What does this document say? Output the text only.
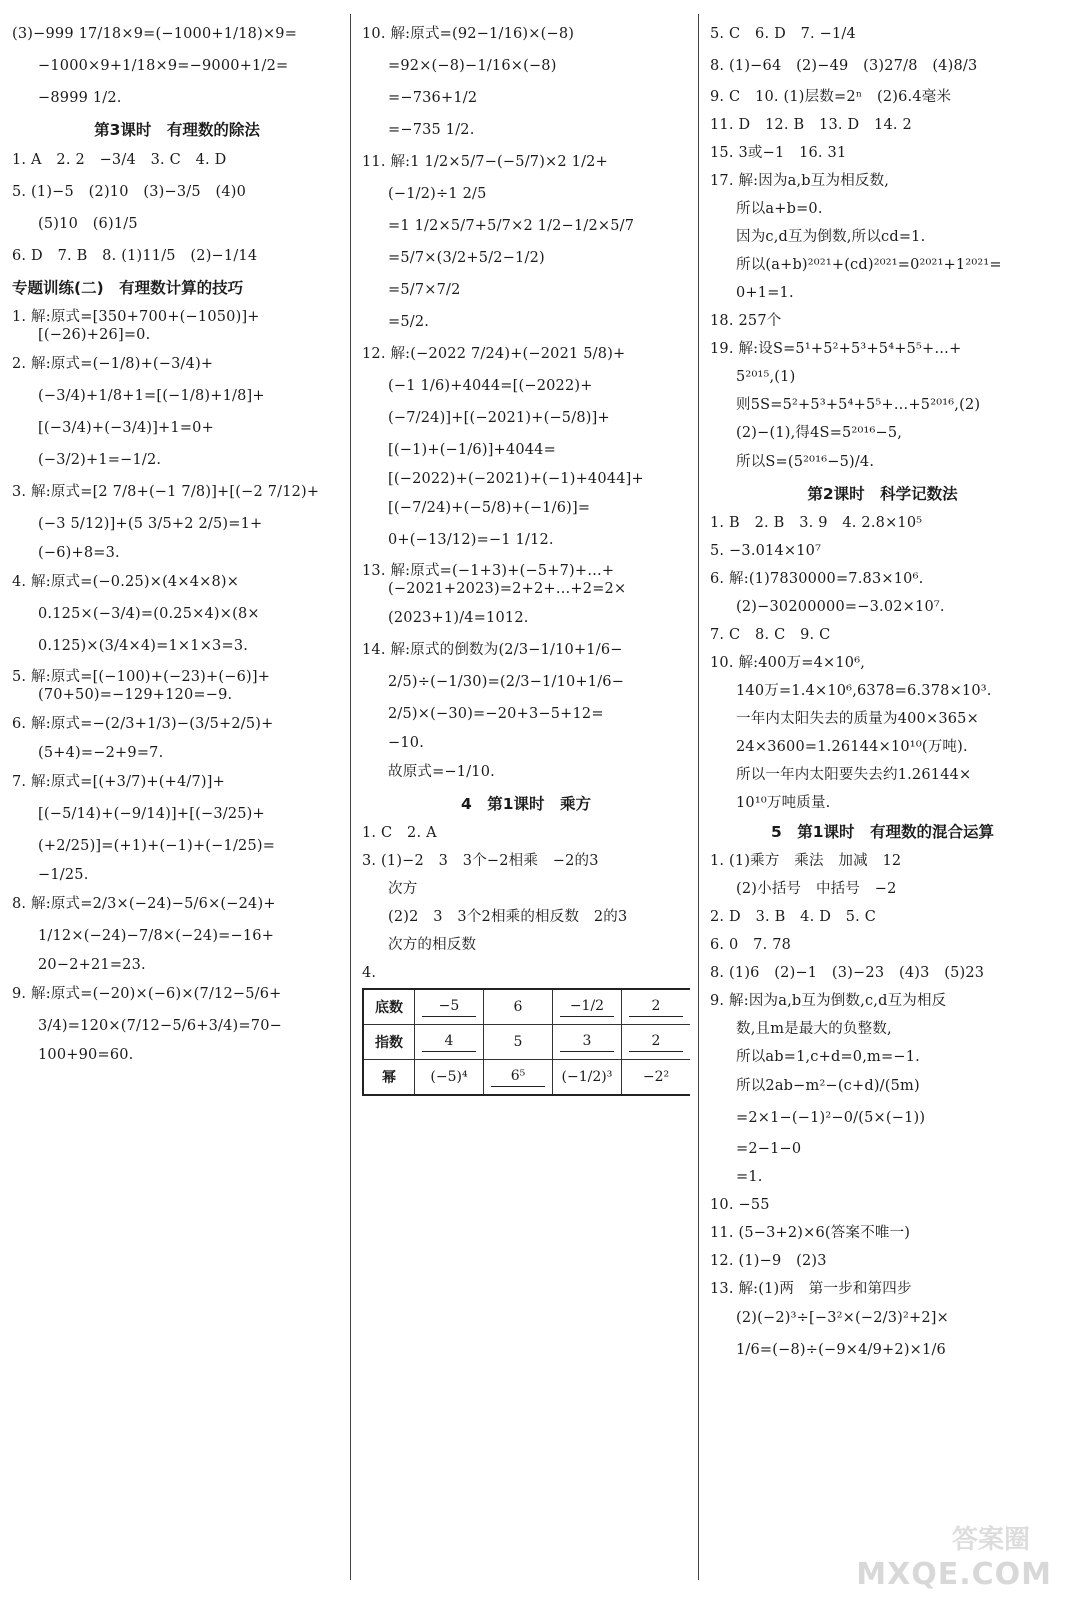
(3)−999 17/18×9=(−1000+1/18)×9=

−1000×9+1/18×9=−9000+1/2=

−8999 1/2.

第3课时　有理数的除法

1. A　2. 2　−3/4　3. C　4. D

5. (1)−5　(2)10　(3)−3/5　(4)0

(5)10　(6)1/5

6. D　7. B　8. (1)11/5　(2)−1/14

专题训练(二)　有理数计算的技巧

1. 解:原式=[350+700+(−1050)]+

[(−26)+26]=0.

2. 解:原式=(−1/8)+(−3/4)+

(−3/4)+1/8+1=[(−1/8)+1/8]+

[(−3/4)+(−3/4)]+1=0+

(−3/2)+1=−1/2.

3. 解:原式=[2 7/8+(−1 7/8)]+[(−2 7/12)+

(−3 5/12)]+(5 3/5+2 2/5)=1+

(−6)+8=3.

4. 解:原式=(−0.25)×(4×4×8)×

0.125×(−3/4)=(0.25×4)×(8×

0.125)×(3/4×4)=1×1×3=3.

5. 解:原式=[(−100)+(−23)+(−6)]+

(70+50)=−129+120=−9.

6. 解:原式=−(2/3+1/3)−(3/5+2/5)+

(5+4)=−2+9=7.

7. 解:原式=[(+3/7)+(+4/7)]+

[(−5/14)+(−9/14)]+[(−3/25)+

(+2/25)]=(+1)+(−1)+(−1/25)=

−1/25.

8. 解:原式=2/3×(−24)−5/6×(−24)+

1/12×(−24)−7/8×(−24)=−16+

20−2+21=23.

9. 解:原式=(−20)×(−6)×(7/12−5/6+

3/4)=120×(7/12−5/6+3/4)=70−

100+90=60.

10. 解:原式=(92−1/16)×(−8)

=92×(−8)−1/16×(−8)

=−736+1/2

=−735 1/2.

11. 解:1 1/2×5/7−(−5/7)×2 1/2+

(−1/2)÷1 2/5

=1 1/2×5/7+5/7×2 1/2−1/2×5/7

=5/7×(3/2+5/2−1/2)

=5/7×7/2

=5/2.

12. 解:(−2022 7/24)+(−2021 5/8)+

(−1 1/6)+4044=[(−2022)+

(−7/24)]+[(−2021)+(−5/8)]+

[(−1)+(−1/6)]+4044=

[(−2022)+(−2021)+(−1)+4044]+

[(−7/24)+(−5/8)+(−1/6)]=

0+(−13/12)=−1 1/12.

13. 解:原式=(−1+3)+(−5+7)+…+

(−2021+2023)=2+2+…+2=2×

(2023+1)/4=1012.

14. 解:原式的倒数为(2/3−1/10+1/6−

2/5)÷(−1/30)=(2/3−1/10+1/6−

2/5)×(−30)=−20+3−5+12=

−10.

故原式=−1/10.

4　第1课时　乘方

1. C　2. A

3. (1)−2　3　3个−2相乘　−2的3

次方

(2)2　3　3个2相乘的相反数　2的3

次方的相反数

4.

底数	−5	6	−1/2	2
指数	4	5	3	2
幂	(−5)⁴	6⁵	(−1/2)³	−2²

5. C　6. D　7. −1/4

8. (1)−64　(2)−49　(3)27/8　(4)8/3

9. C　10. (1)层数=2ⁿ　(2)6.4毫米

11. D　12. B　13. D　14. 2

15. 3或−1　16. 31

17. 解:因为a,b互为相反数,

所以a+b=0.

因为c,d互为倒数,所以cd=1.

所以(a+b)²⁰²¹+(cd)²⁰²¹=0²⁰²¹+1²⁰²¹=

0+1=1.

18. 257个

19. 解:设S=5¹+5²+5³+5⁴+5⁵+…+

5²⁰¹⁵,(1)

则5S=5²+5³+5⁴+5⁵+…+5²⁰¹⁶,(2)

(2)−(1),得4S=5²⁰¹⁶−5,

所以S=(5²⁰¹⁶−5)/4.

第2课时　科学记数法

1. B　2. B　3. 9　4. 2.8×10⁵

5. −3.014×10⁷

6. 解:(1)7830000=7.83×10⁶.

(2)−30200000=−3.02×10⁷.

7. C　8. C　9. C

10. 解:400万=4×10⁶,

140万=1.4×10⁶,6378=6.378×10³.

一年内太阳失去的质量为400×365×

24×3600=1.26144×10¹⁰(万吨).

所以一年内太阳要失去约1.26144×

10¹⁰万吨质量.

5　第1课时　有理数的混合运算

1. (1)乘方　乘法　加减　12

(2)小括号　中括号　−2

2. D　3. B　4. D　5. C

6. 0　7. 78

8. (1)6　(2)−1　(3)−23　(4)3　(5)23

9. 解:因为a,b互为倒数,c,d互为相反

数,且m是最大的负整数,

所以ab=1,c+d=0,m=−1.

所以2ab−m²−(c+d)/(5m)

=2×1−(−1)²−0/(5×(−1))

=2−1−0

=1.

10. −55

11. (5−3+2)×6(答案不唯一)

12. (1)−9　(2)3

13. 解:(1)两　第一步和第四步

(2)(−2)³÷[−3²×(−2/3)²+2]×

1/6=(−8)÷(−9×4/9+2)×1/6

答案圈
MXQE.COM
